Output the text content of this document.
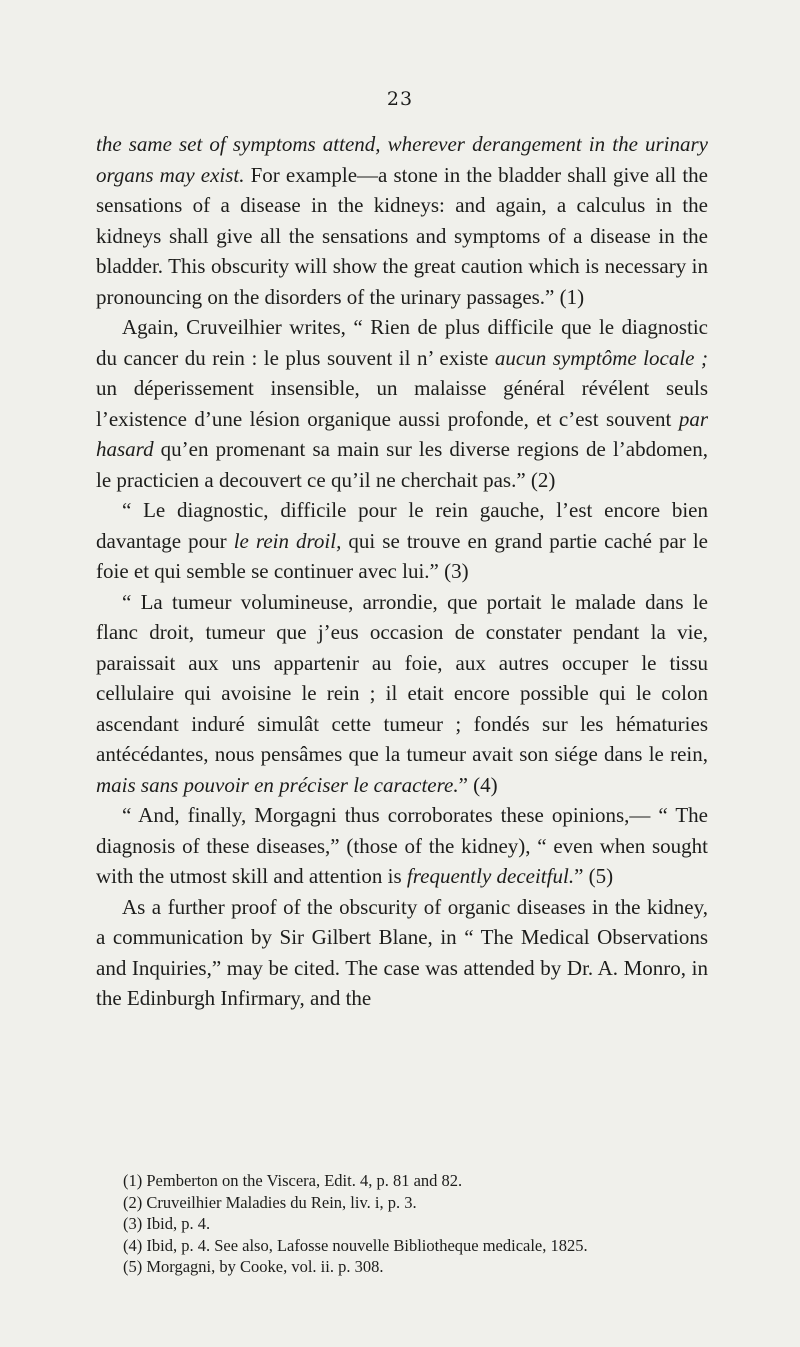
23

the same set of symptoms attend, wherever derangement in the urinary organs may exist. For example—a stone in the bladder shall give all the sensations of a disease in the kidneys: and again, a calculus in the kidneys shall give all the sensations and symptoms of a disease in the bladder. This obscurity will show the great caution which is necessary in pronouncing on the disorders of the urinary passages.” (1)

Again, Cruveilhier writes, “ Rien de plus difficile que le diagnostic du cancer du rein : le plus souvent il n’ existe aucun symptôme locale ; un déperissement insensible, un malaisse général révélent seuls l’existence d’une lésion organique aussi profonde, et c’est souvent par hasard qu’en promenant sa main sur les diverse regions de l’abdomen, le practicien a decouvert ce qu’il ne cherchait pas.” (2)

“ Le diagnostic, difficile pour le rein gauche, l’est encore bien davantage pour le rein droil, qui se trouve en grand partie caché par le foie et qui semble se continuer avec lui.” (3)

“ La tumeur volumineuse, arrondie, que portait le malade dans le flanc droit, tumeur que j’eus occasion de constater pendant la vie, paraissait aux uns appartenir au foie, aux autres occuper le tissu cellulaire qui avoisine le rein ; il etait encore possible qui le colon ascendant induré simulât cette tumeur ; fondés sur les hématuries antécédantes, nous pensâmes que la tumeur avait son siége dans le rein, mais sans pouvoir en préciser le caractere.” (4)

“ And, finally, Morgagni thus corroborates these opinions,— “ The diagnosis of these diseases,” (those of the kidney), “ even when sought with the utmost skill and attention is frequently deceitful.” (5)

As a further proof of the obscurity of organic diseases in the kidney, a communication by Sir Gilbert Blane, in “ The Medical Observations and Inquiries,” may be cited. The case was attended by Dr. A. Monro, in the Edinburgh Infirmary, and the

(1) Pemberton on the Viscera, Edit. 4, p. 81 and 82.
(2) Cruveilhier Maladies du Rein, liv. i, p. 3.
(3) Ibid, p. 4.
(4) Ibid, p. 4. See also, Lafosse nouvelle Bibliotheque medicale, 1825.
(5) Morgagni, by Cooke, vol. ii. p. 308.
